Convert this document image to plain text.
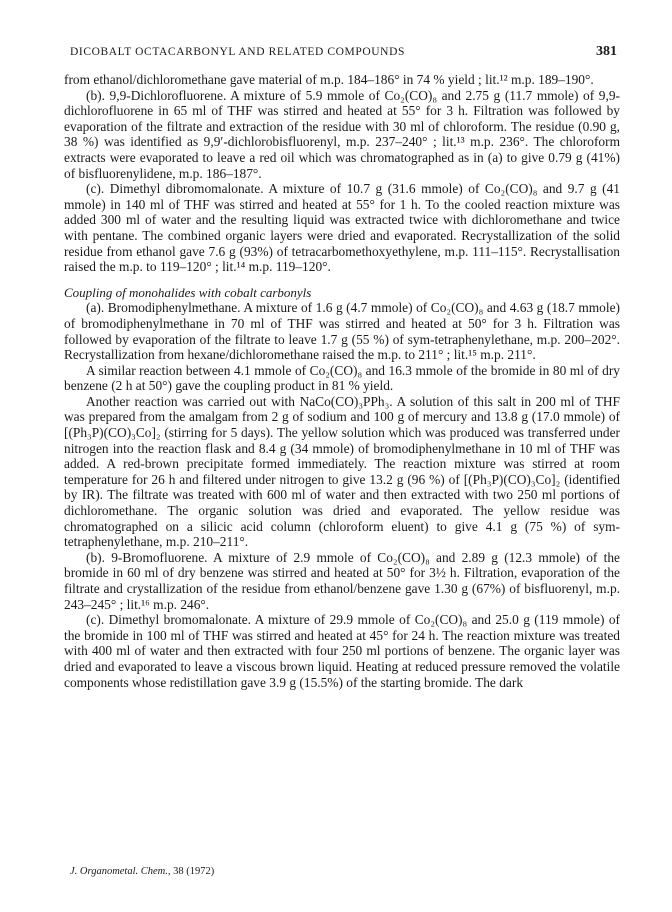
DICOBALT OCTACARBONYL AND RELATED COMPOUNDS	381

from ethanol/dichloromethane gave material of m.p. 184–186° in 74 % yield ; lit.¹² m.p. 189–190°.

(b). 9,9-Dichlorofluorene. A mixture of 5.9 mmole of Co₂(CO)₈ and 2.75 g (11.7 mmole) of 9,9-dichlorofluorene in 65 ml of THF was stirred and heated at 55° for 3 h. Filtration was followed by evaporation of the filtrate and extraction of the residue with 30 ml of chloroform. The residue (0.90 g, 38 %) was identified as 9,9′-dichlorobisfluorenyl, m.p. 237–240° ; lit.¹³ m.p. 236°. The chloroform extracts were evaporated to leave a red oil which was chromatographed as in (a) to give 0.79 g (41%) of bisfluorenylidene, m.p. 186–187°.

(c). Dimethyl dibromomalonate. A mixture of 10.7 g (31.6 mmole) of Co₂(CO)₈ and 9.7 g (41 mmole) in 140 ml of THF was stirred and heated at 55° for 1 h. To the cooled reaction mixture was added 300 ml of water and the resulting liquid was extracted twice with dichloromethane and twice with pentane. The combined organic layers were dried and evaporated. Recrystallization of the solid residue from ethanol gave 7.6 g (93%) of tetracarbomethoxyethylene, m.p. 111–115°. Recrystallisation raised the m.p. to 119–120° ; lit.¹⁴ m.p. 119–120°.

Coupling of monohalides with cobalt carbonyls

(a). Bromodiphenylmethane. A mixture of 1.6 g (4.7 mmole) of Co₂(CO)₈ and 4.63 g (18.7 mmole) of bromodiphenylmethane in 70 ml of THF was stirred and heated at 50° for 3 h. Filtration was followed by evaporation of the filtrate to leave 1.7 g (55 %) of sym-tetraphenylethane, m.p. 200–202°. Recrystallization from hexane/dichloromethane raised the m.p. to 211° ; lit.¹⁵ m.p. 211°.

A similar reaction between 4.1 mmole of Co₂(CO)₈ and 16.3 mmole of the bromide in 80 ml of dry benzene (2 h at 50°) gave the coupling product in 81 % yield.

Another reaction was carried out with NaCo(CO)₃PPh₃. A solution of this salt in 200 ml of THF was prepared from the amalgam from 2 g of sodium and 100 g of mercury and 13.8 g (17.0 mmole) of [(Ph₃P)(CO)₃Co]₂ (stirring for 5 days). The yellow solution which was produced was transferred under nitrogen into the reaction flask and 8.4 g (34 mmole) of bromodiphenylmethane in 10 ml of THF was added. A red-brown precipitate formed immediately. The reaction mixture was stirred at room temperature for 26 h and filtered under nitrogen to give 13.2 g (96 %) of [(Ph₃P)(CO)₃Co]₂ (identified by IR). The filtrate was treated with 600 ml of water and then extracted with two 250 ml portions of dichloromethane. The organic solution was dried and evaporated. The yellow residue was chromatographed on a silicic acid column (chloroform eluent) to give 4.1 g (75 %) of sym-tetraphenylethane, m.p. 210–211°.

(b). 9-Bromofluorene. A mixture of 2.9 mmole of Co₂(CO)₈ and 2.89 g (12.3 mmole) of the bromide in 60 ml of dry benzene was stirred and heated at 50° for 3½ h. Filtration, evaporation of the filtrate and crystallization of the residue from ethanol/benzene gave 1.30 g (67%) of bisfluorenyl, m.p. 243–245° ; lit.¹⁶ m.p. 246°.

(c). Dimethyl bromomalonate. A mixture of 29.9 mmole of Co₂(CO)₈ and 25.0 g (119 mmole) of the bromide in 100 ml of THF was stirred and heated at 45° for 24 h. The reaction mixture was treated with 400 ml of water and then extracted with four 250 ml portions of benzene. The organic layer was dried and evaporated to leave a viscous brown liquid. Heating at reduced pressure removed the volatile components whose redistillation gave 3.9 g (15.5%) of the starting bromide. The dark

J. Organometal. Chem., 38 (1972)
